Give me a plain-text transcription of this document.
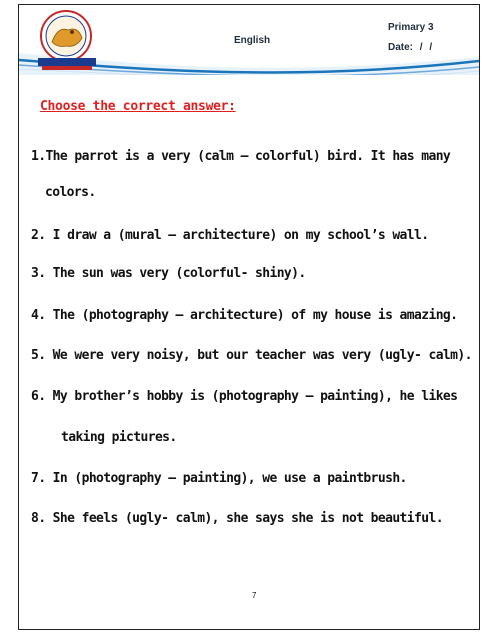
English
Primary 3
Date: / /
Choose the correct answer:
1.The parrot is a very (calm – colorful) bird. It has many
colors.
2. I draw a (mural – architecture) on my school’s wall.
3. The sun was very (colorful- shiny).
4. The (photography – architecture) of my house is amazing.
5. We were very noisy, but our teacher was very (ugly- calm).
6. My brother’s hobby is (photography – painting), he likes
taking pictures.
7. In (photography – painting), we use a paintbrush.
8. She feels (ugly- calm), she says she is not beautiful.
7
